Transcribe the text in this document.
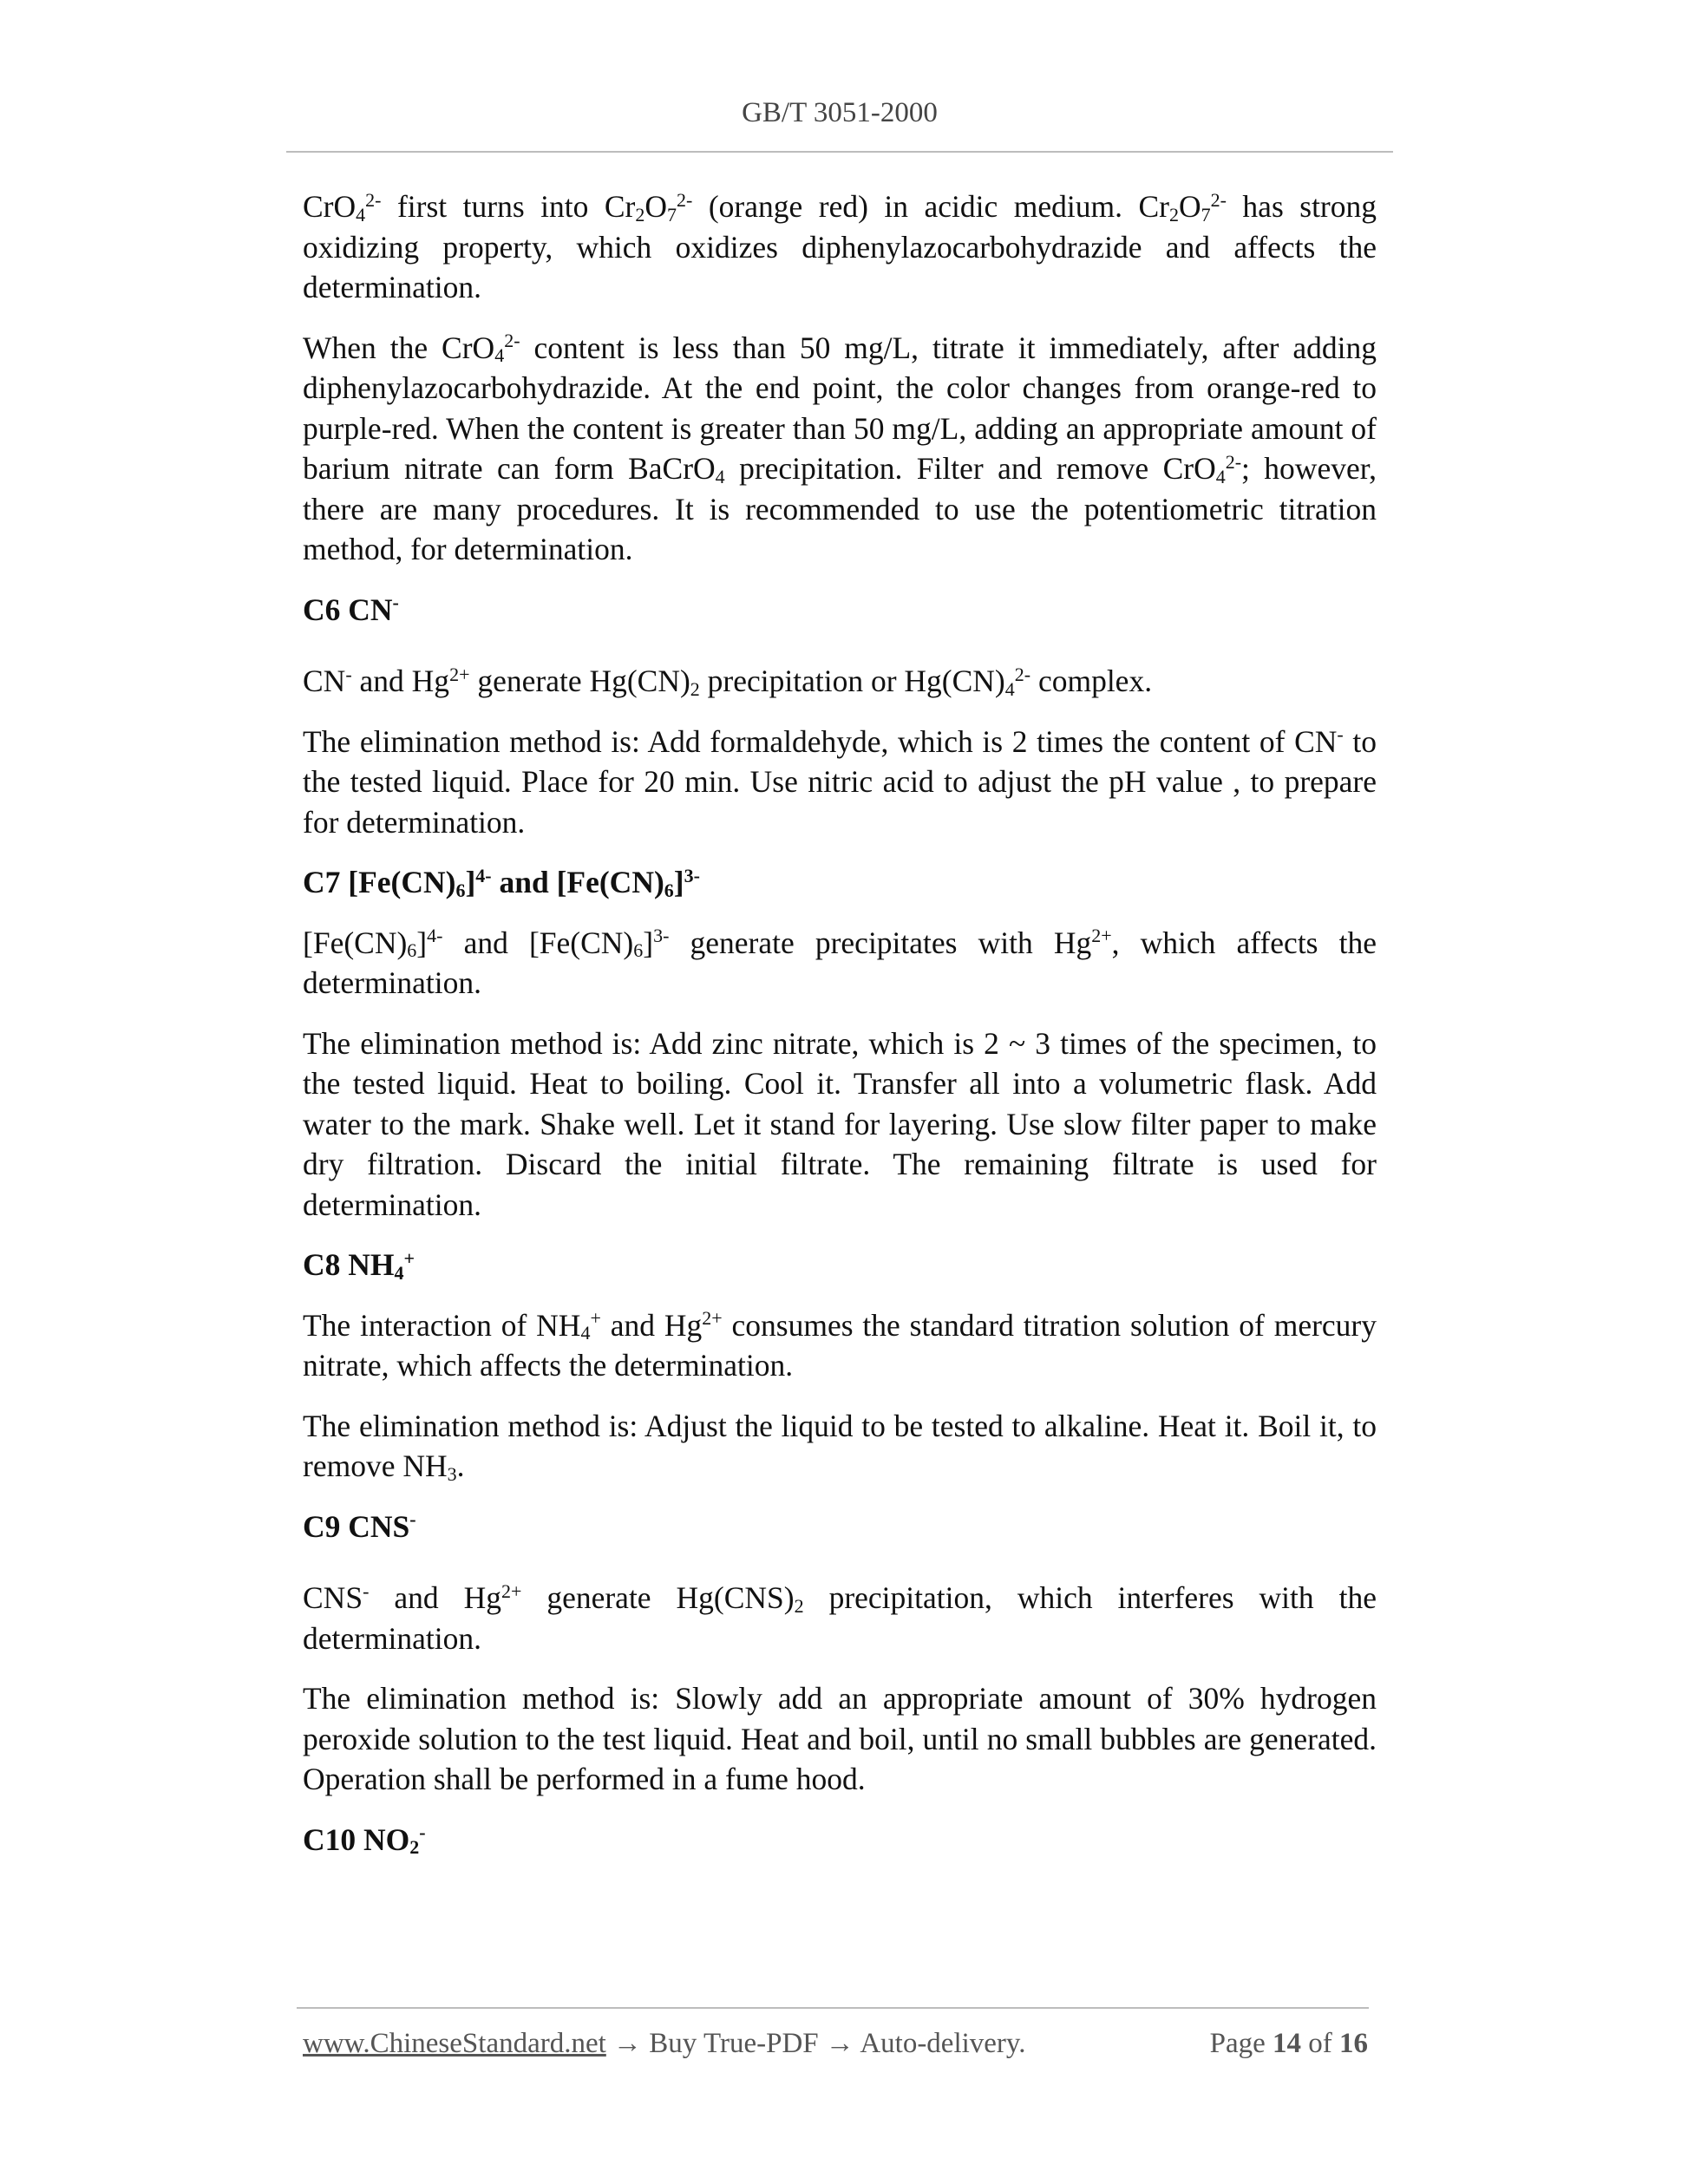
GB/T 3051-2000

CrO$_4^{2-}$ first turns into $Cr_2O_7^{2-}$ (orange red) in acidic medium. $Cr_2O_7^{2-}$ has strong oxidizing property, which oxidizes diphenylazocarbohydrazide and affects the determination.

When the CrO$_4^{2-}$ content is less than 50 mg/L, titrate it immediately, after adding diphenylazocarbohydrazide. At the end point, the color changes from orange-red to purple-red. When the content is greater than 50 mg/L, adding an appropriate amount of barium nitrate can form BaCrO$_4$ precipitation. Filter and remove CrO$_4^{2-}$; however, there are many procedures. It is recommended to use the potentiometric titration method, for determination.

C6 CN-

CN- and $Hg^{2+}$ generate $Hg(CN)_2$ precipitation or $Hg(CN)_4^{2-}$ complex.

The elimination method is: Add formaldehyde, which is 2 times the content of CN- to the tested liquid. Place for 20 min. Use nitric acid to adjust the pH value , to prepare for determination.

C7 $[Fe(CN)_6]^{4-}$ and $[Fe(CN)_6]^{3-}$

$[Fe(CN)_6]^{4-}$ and $[Fe(CN)_6]^{3-}$ generate precipitates with $Hg^{2+}$, which affects the determination.

The elimination method is: Add zinc nitrate, which is 2 ~ 3 times of the specimen, to the tested liquid. Heat to boiling. Cool it. Transfer all into a volumetric flask. Add water to the mark. Shake well. Let it stand for layering. Use slow filter paper to make dry filtration. Discard the initial filtrate. The remaining filtrate is used for determination.

C8 $NH_4^+$

The interaction of $NH_4^+$ and $Hg^{2+}$ consumes the standard titration solution of mercury nitrate, which affects the determination.

The elimination method is: Adjust the liquid to be tested to alkaline. Heat it. Boil it, to remove $NH_3$.

C9 CNS-

CNS- and $Hg^{2+}$ generate $Hg(CNS)_2$ precipitation, which interferes with the determination.

The elimination method is: Slowly add an appropriate amount of 30% hydrogen peroxide solution to the test liquid. Heat and boil, until no small bubbles are generated. Operation shall be performed in a fume hood.

C10 $NO_2^-$

www.ChineseStandard.net → Buy True-PDF → Auto-delivery.	Page 14 of 16
